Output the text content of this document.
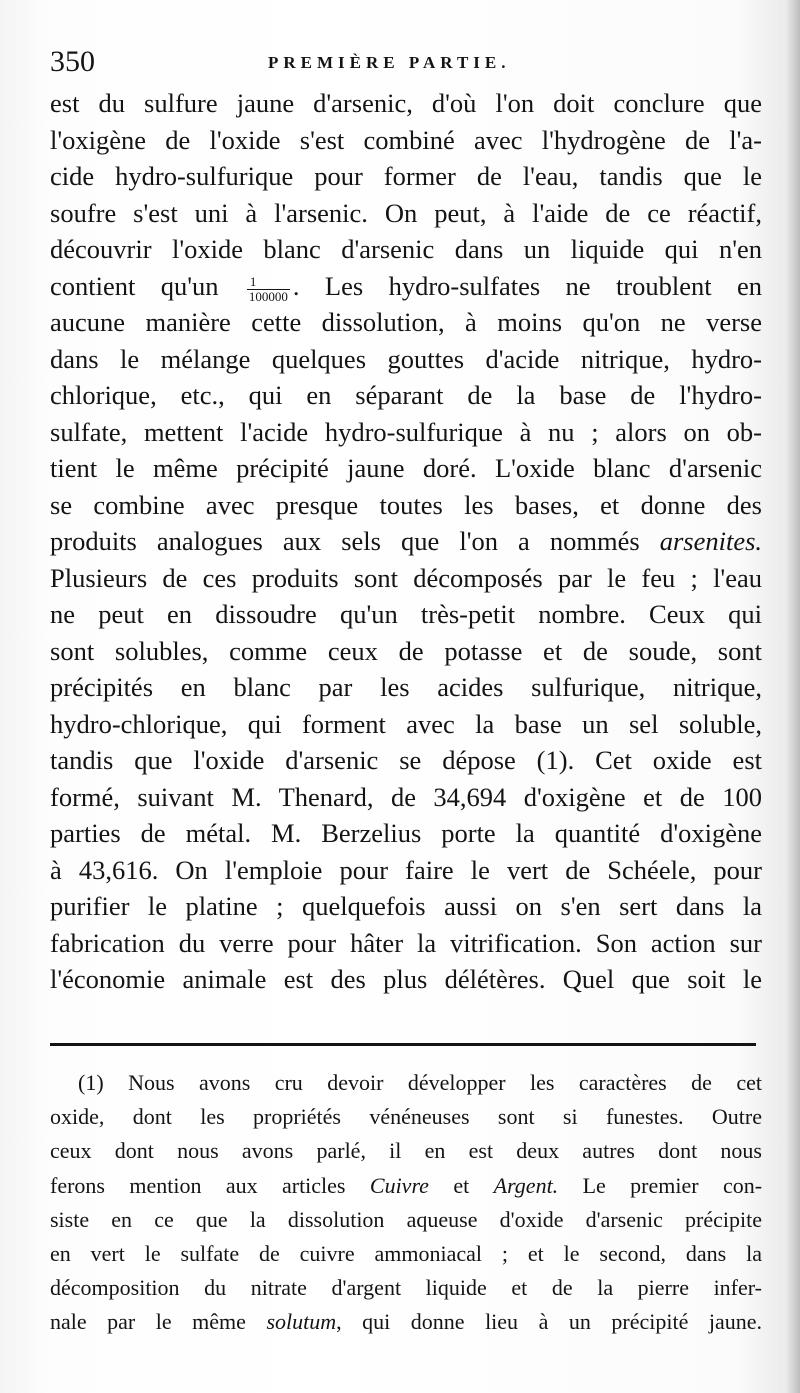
350	PREMIÈRE PARTIE.
est du sulfure jaune d'arsenic, d'où l'on doit conclure que
l'oxigène de l'oxide s'est combiné avec l'hydrogène de l'a-
cide hydro-sulfurique pour former de l'eau, tandis que le
soufre s'est uni à l'arsenic. On peut, à l'aide de ce réactif,
découvrir l'oxide blanc d'arsenic dans un liquide qui n'en
contient $qu'un \frac{1}{100000}$ . Les hydro-sulfates ne troublent en
aucune manière cette dissolution, à moins qu'on ne verse
dans le mélange quelques gouttes d'acide nitrique, hydro-
chlorique, etc., qui en séparant de la base de l'hydro-
sulfate, mettent l'acide hydro-sulfurique à nu ; alors on ob-
tient le même précipité jaune doré. L'oxide blanc d'arsenic
se combine avec presque toutes les bases, et donne des
produits analogues aux sels que l'on a nommés arsenites.
Plusieurs de ces produits sont décomposés par le feu ; l'eau
ne peut en dissoudre qu'un très-petit nombre. Ceux qui
sont solubles, comme ceux de potasse et de soude, sont
précipités en blanc par les acides sulfurique, nitrique,
hydro-chlorique, qui forment avec la base un sel soluble,
tandis que l'oxide d'arsenic se dépose (1). Cet oxide est
formé, suivant M. Thenard, de 34,694 d'oxigène et de 100
parties de métal. M. Berzelius porte la quantité d'oxigène
à 43,616. On l'emploie pour faire le vert de Schéele, pour
purifier le platine ; quelquefois aussi on s'en sert dans la
fabrication du verre pour hâter la vitrification. Son action sur
l'économie animale est des plus délétères. Quel que soit le
(1) Nous avons cru devoir développer les caractères de cet
oxide, dont les propriétés vénéneuses sont si funestes. Outre
ceux dont nous avons parlé, il en est deux autres dont nous
ferons mention aux articles Cuivre et Argent. Le premier con-
siste en ce que la dissolution aqueuse d'oxide d'arsenic précipite
en vert le sulfate de cuivre ammoniacal ; et le second, dans la
décomposition du nitrate d'argent liquide et de la pierre infer-
nale par le même solutum, qui donne lieu à un précipité jaune.
